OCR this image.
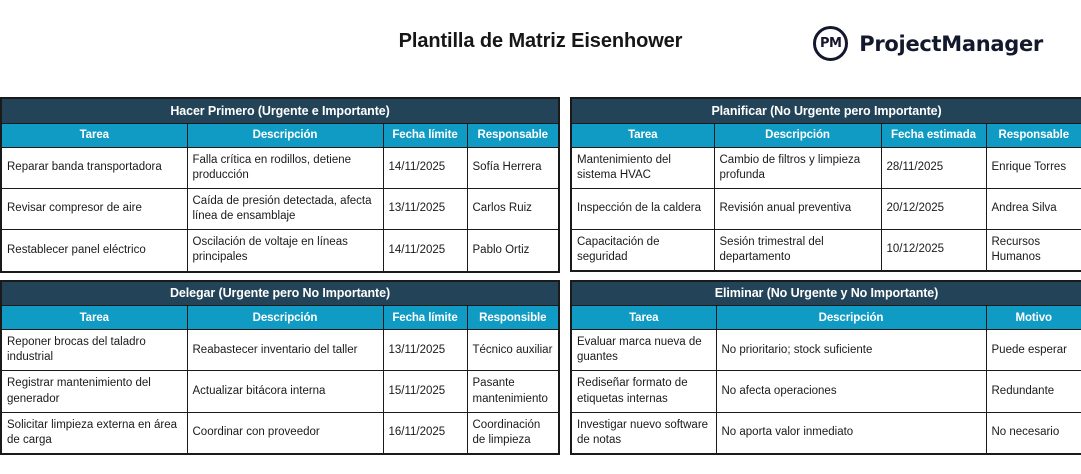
Plantilla de Matriz Eisenhower	PM ProjectManager
Hacer Primero (Urgente e Importante)			
Tarea	Descripción	Fecha límite	Responsable
Reparar banda transportadora	Falla crítica en rodillos, detiene producción	14/11/2025	Sofía Herrera
Revisar compresor de aire	Caída de presión detectada, afecta línea de ensamblaje	13/11/2025	Carlos Ruiz
Restablecer panel eléctrico	Oscilación de voltaje en líneas principales	14/11/2025	Pablo Ortiz
Planificar (No Urgente pero Importante)			
Tarea	Descripción	Fecha estimada	Responsable
Mantenimiento del sistema HVAC	Cambio de filtros y limpieza profunda	28/11/2025	Enrique Torres
Inspección de la caldera	Revisión anual preventiva	20/12/2025	Andrea Silva
Capacitación de seguridad	Sesión trimestral del departamento	10/12/2025	Recursos Humanos
Delegar (Urgente pero No Importante)			
Tarea	Descripción	Fecha límite	Responsible
Reponer brocas del taladro industrial	Reabastecer inventario del taller	13/11/2025	Técnico auxiliar
Registrar mantenimiento del generador	Actualizar bitácora interna	15/11/2025	Pasante mantenimiento
Solicitar limpieza externa en área de carga	Coordinar con proveedor	16/11/2025	Coordinación de limpieza
Eliminar (No Urgente y No Importante)		
Tarea	Descripción	Motivo
Evaluar marca nueva de guantes	No prioritario; stock suficiente	Puede esperar
Rediseñar formato de etiquetas internas	No afecta operaciones	Redundante
Investigar nuevo software de notas	No aporta valor inmediato	No necesario
